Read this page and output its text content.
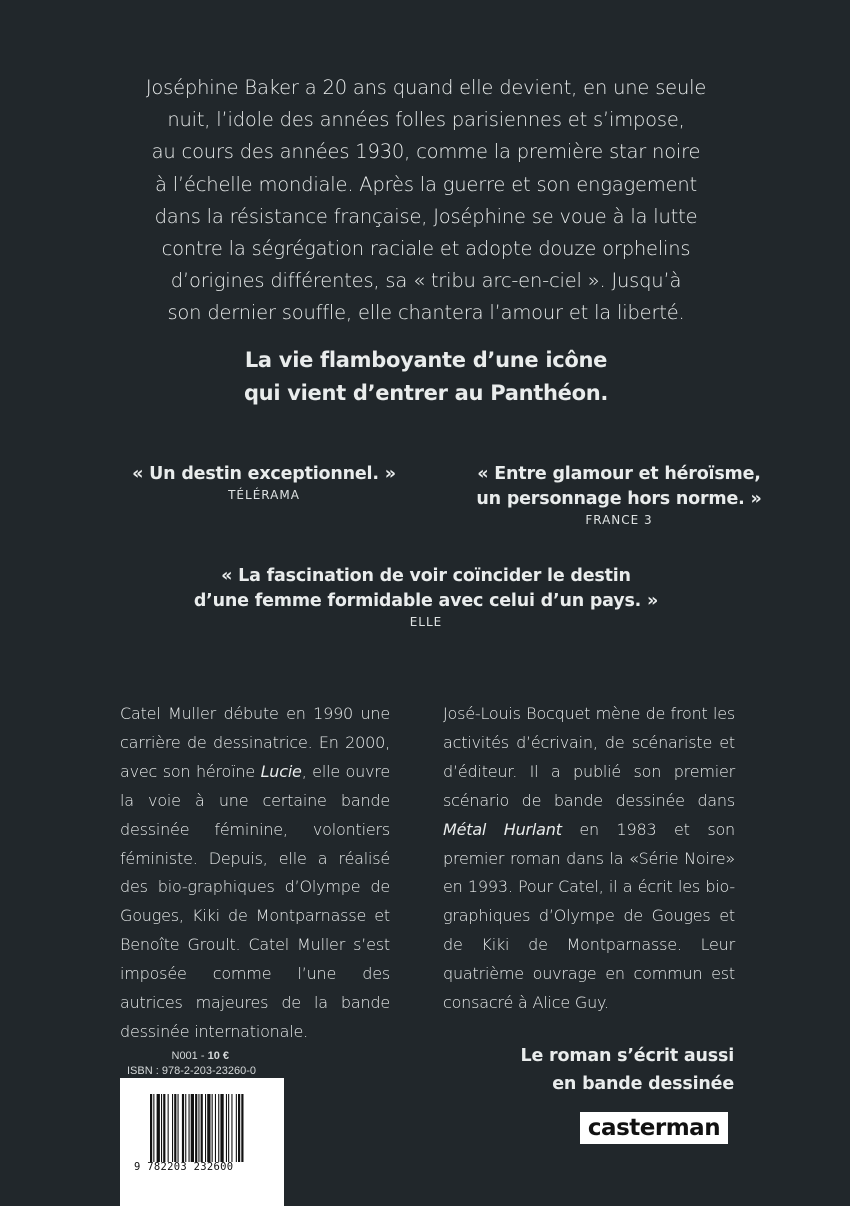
Joséphine Baker a 20 ans quand elle devient, en une seule
nuit, l’idole des années folles parisiennes et s’impose,
au cours des années 1930, comme la première star noire
à l’échelle mondiale. Après la guerre et son engagement
dans la résistance française, Joséphine se voue à la lutte
contre la ségrégation raciale et adopte douze orphelins
d’origines différentes, sa « tribu arc-en-ciel ». Jusqu’à
son dernier souffle, elle chantera l’amour et la liberté.
La vie flamboyante d’une icône
qui vient d’entrer au Panthéon.
« Un destin exceptionnel. »
TÉLÉRAMA
« Entre glamour et héroïsme,
un personnage hors norme. »
FRANCE 3
« La fascination de voir coïncider le destin
d’une femme formidable avec celui d’un pays. »
ELLE
Catel Muller débute en 1990 une carrière de dessinatrice. En 2000, avec son héroïne Lucie, elle ouvre la voie à une certaine bande dessinée féminine, volontiers féministe. Depuis, elle a réalisé des bio-graphiques d’Olympe de Gouges, Kiki de Montparnasse et Benoîte Groult. Catel Muller s’est imposée comme l’une des autrices majeures de la bande dessinée internationale.
José-Louis Bocquet mène de front les activités d’écrivain, de scénariste et d’éditeur. Il a publié son premier scénario de bande dessinée dans Métal Hurlant en 1983 et son premier roman dans la «Série Noire» en 1993. Pour Catel, il a écrit les bio-graphiques d’Olympe de Gouges et de Kiki de Montparnasse. Leur quatrième ouvrage en commun est consacré à Alice Guy.
N001 - 10 €
ISBN : 978-2-203-23260-0
9 782203 232600
Le roman s’écrit aussi
en bande dessinée
casterman
